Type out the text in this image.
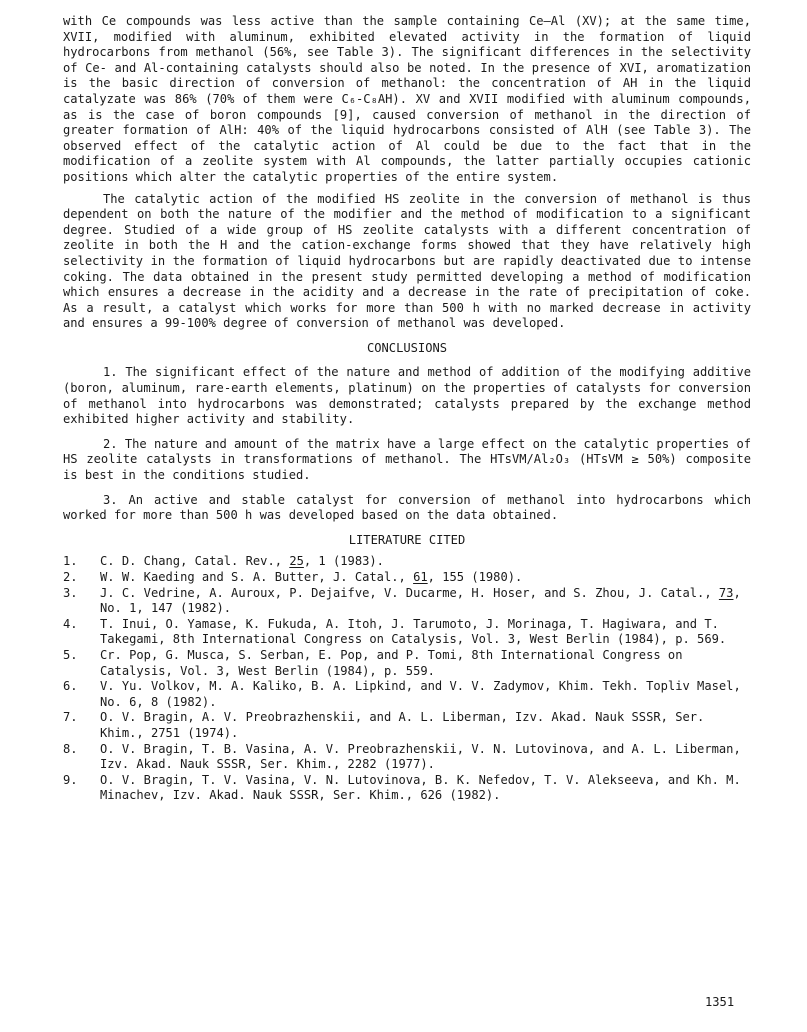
with Ce compounds was less active than the sample containing Ce—Al (XV); at the same time, XVII, modified with aluminum, exhibited elevated activity in the formation of liquid hydrocarbons from methanol (56%, see Table 3). The significant differences in the selectivity of Ce- and Al-containing catalysts should also be noted. In the presence of XVI, aromatization is the basic direction of conversion of methanol: the concentration of AH in the liquid catalyzate was 86% (70% of them were C₆-C₈AH). XV and XVII modified with aluminum compounds, as is the case of boron compounds [9], caused conversion of methanol in the direction of greater formation of AlH: 40% of the liquid hydrocarbons consisted of AlH (see Table 3). The observed effect of the catalytic action of Al could be due to the fact that in the modification of a zeolite system with Al compounds, the latter partially occupies cationic positions which alter the catalytic properties of the entire system.

The catalytic action of the modified HS zeolite in the conversion of methanol is thus dependent on both the nature of the modifier and the method of modification to a significant degree. Studied of a wide group of HS zeolite catalysts with a different concentration of zeolite in both the H and the cation-exchange forms showed that they have relatively high selectivity in the formation of liquid hydrocarbons but are rapidly deactivated due to intense coking. The data obtained in the present study permitted developing a method of modification which ensures a decrease in the acidity and a decrease in the rate of precipitation of coke. As a result, a catalyst which works for more than 500 h with no marked decrease in activity and ensures a 99-100% degree of conversion of methanol was developed.

CONCLUSIONS

1. The significant effect of the nature and method of addition of the modifying additive (boron, aluminum, rare-earth elements, platinum) on the properties of catalysts for conversion of methanol into hydrocarbons was demonstrated; catalysts prepared by the exchange method exhibited higher activity and stability.

2. The nature and amount of the matrix have a large effect on the catalytic properties of HS zeolite catalysts in transformations of methanol. The HTsVM/Al₂O₃ (HTsVM ≥ 50%) composite is best in the conditions studied.

3. An active and stable catalyst for conversion of methanol into hydrocarbons which worked for more than 500 h was developed based on the data obtained.

LITERATURE CITED

1.	C. D. Chang, Catal. Rev., 25, 1 (1983).
2.	W. W. Kaeding and S. A. Butter, J. Catal., 61, 155 (1980).
3.	J. C. Vedrine, A. Auroux, P. Dejaifve, V. Ducarme, H. Hoser, and S. Zhou, J. Catal., 73, No. 1, 147 (1982).
4.	T. Inui, O. Yamase, K. Fukuda, A. Itoh, J. Tarumoto, J. Morinaga, T. Hagiwara, and T. Takegami, 8th International Congress on Catalysis, Vol. 3, West Berlin (1984), p. 569.
5.	Cr. Pop, G. Musca, S. Serban, E. Pop, and P. Tomi, 8th International Congress on Catalysis, Vol. 3, West Berlin (1984), p. 559.
6.	V. Yu. Volkov, M. A. Kaliko, B. A. Lipkind, and V. V. Zadymov, Khim. Tekh. Topliv Masel, No. 6, 8 (1982).
7.	O. V. Bragin, A. V. Preobrazhenskii, and A. L. Liberman, Izv. Akad. Nauk SSSR, Ser. Khim., 2751 (1974).
8.	O. V. Bragin, T. B. Vasina, A. V. Preobrazhenskii, V. N. Lutovinova, and A. L. Liberman, Izv. Akad. Nauk SSSR, Ser. Khim., 2282 (1977).
9.	O. V. Bragin, T. V. Vasina, V. N. Lutovinova, B. K. Nefedov, T. V. Alekseeva, and Kh. M. Minachev, Izv. Akad. Nauk SSSR, Ser. Khim., 626 (1982).
1351
